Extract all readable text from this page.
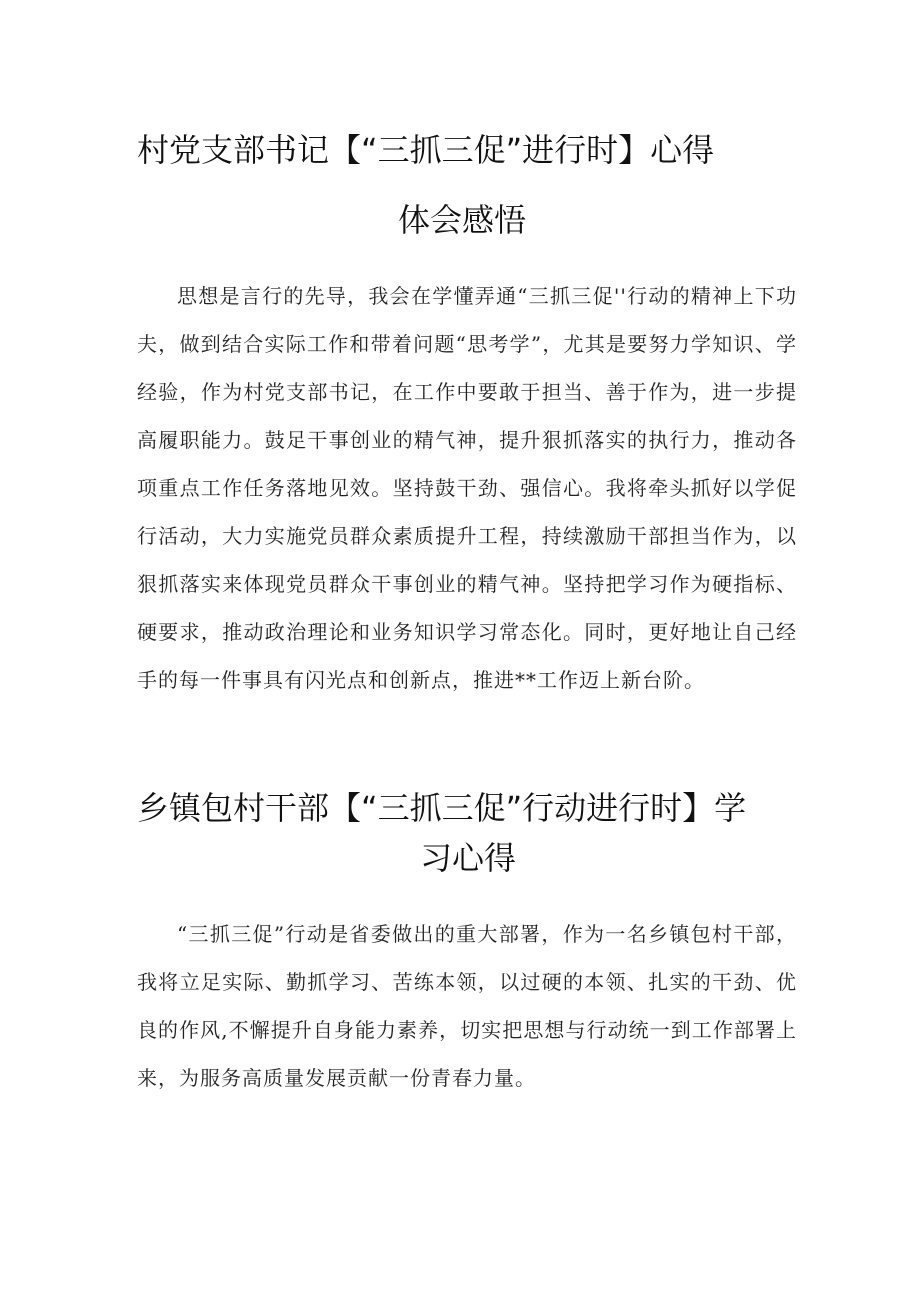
村党支部书记【“三抓三促”进行时】心得
体会感悟

思想是言行的先导，我会在学懂弄通“三抓三促''行动的精神上下功夫，做到结合实际工作和带着问题“思考学”，尤其是要努力学知识、学经验，作为村党支部书记，在工作中要敢于担当、善于作为，进一步提高履职能力。鼓足干事创业的精气神，提升狠抓落实的执行力，推动各项重点工作任务落地见效。坚持鼓干劲、强信心。我将牵头抓好以学促行活动，大力实施党员群众素质提升工程，持续激励干部担当作为，以狠抓落实来体现党员群众干事创业的精气神。坚持把学习作为硬指标、硬要求，推动政治理论和业务知识学习常态化。同时，更好地让自己经手的每一件事具有闪光点和创新点，推进**工作迈上新台阶。

乡镇包村干部【“三抓三促”行动进行时】学
习心得

“三抓三促”行动是省委做出的重大部署，作为一名乡镇包村干部，我将立足实际、勤抓学习、苦练本领，以过硬的本领、扎实的干劲、优良的作风,不懈提升自身能力素养，切实把思想与行动统一到工作部署上来，为服务高质量发展贡献一份青春力量。
